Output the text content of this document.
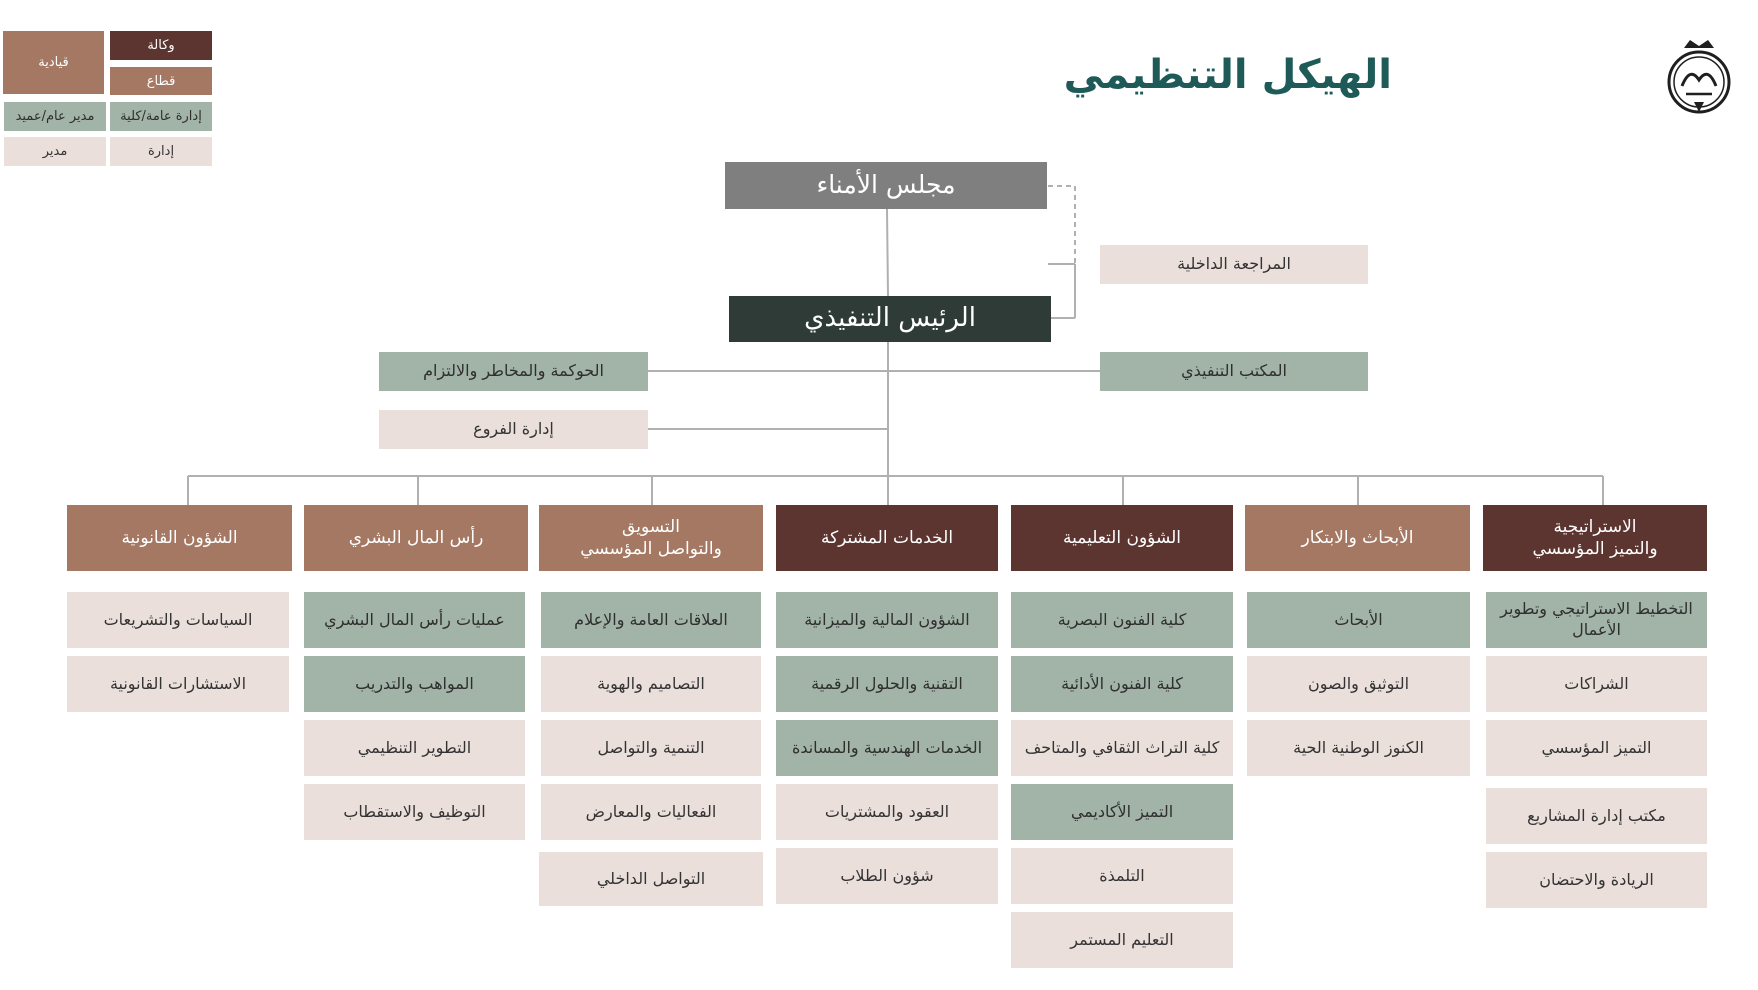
الهيكل التنظيمي
قيادية
وكالة
قطاع
مدير عام/عميد	إدارة عامة/كلية
مدير	إدارة
مجلس الأمناء
الرئيس التنفيذي
المراجعة الداخلية
المكتب التنفيذي
الحوكمة والمخاطر والالتزام
إدارة الفروع
الاستراتيجية
والتميز المؤسسي
التخطيط الاستراتيجي وتطوير الأعمال
الشراكات
التميز المؤسسي
مكتب إدارة المشاريع
الريادة والاحتضان
الأبحاث والابتكار
الأبحاث
التوثيق والصون
الكنوز الوطنية الحية
الشؤون التعليمية
كلية الفنون البصرية
كلية الفنون الأدائية
كلية التراث الثقافي والمتاحف
التميز الأكاديمي
التلمذة
التعليم المستمر
الخدمات المشتركة
الشؤون المالية والميزانية
التقنية والحلول الرقمية
الخدمات الهندسية والمساندة
العقود والمشتريات
شؤون الطلاب
التسويق
والتواصل المؤسسي
العلاقات العامة والإعلام
التصاميم والهوية
التنمية والتواصل
الفعاليات والمعارض
التواصل الداخلي
رأس المال البشري
عمليات رأس المال البشري
المواهب والتدريب
التطوير التنظيمي
التوظيف والاستقطاب
الشؤون القانونية
السياسات والتشريعات
الاستشارات القانونية
